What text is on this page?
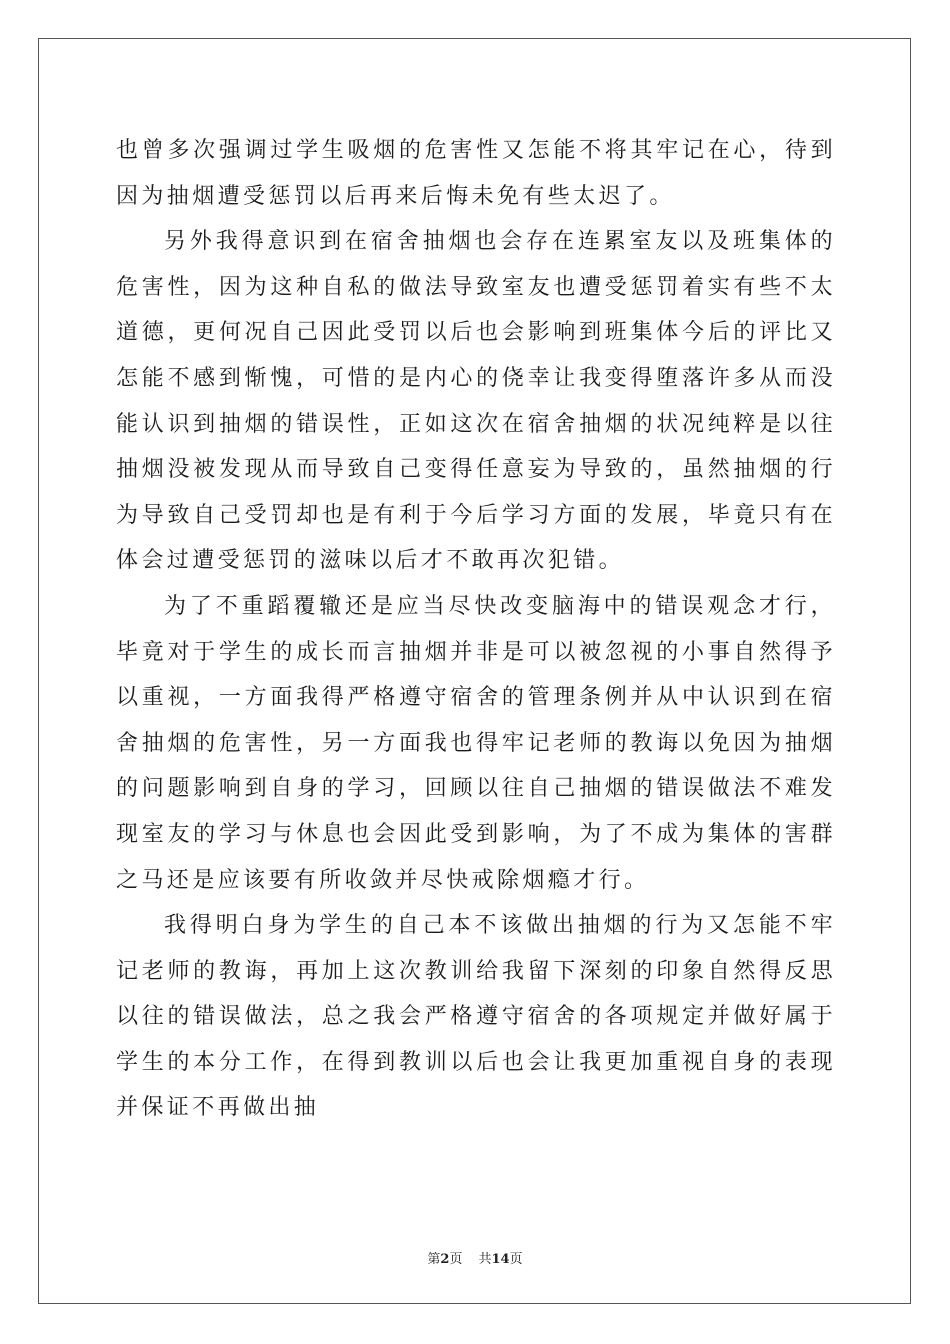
也曾多次强调过学生吸烟的危害性又怎能不将其牢记在心，待到因为抽烟遭受惩罚以后再来后悔未免有些太迟了。

另外我得意识到在宿舍抽烟也会存在连累室友以及班集体的危害性，因为这种自私的做法导致室友也遭受惩罚着实有些不太道德，更何况自己因此受罚以后也会影响到班集体今后的评比又怎能不感到惭愧，可惜的是内心的侥幸让我变得堕落许多从而没能认识到抽烟的错误性，正如这次在宿舍抽烟的状况纯粹是以往抽烟没被发现从而导致自己变得任意妄为导致的，虽然抽烟的行为导致自己受罚却也是有利于今后学习方面的发展，毕竟只有在体会过遭受惩罚的滋味以后才不敢再次犯错。

为了不重蹈覆辙还是应当尽快改变脑海中的错误观念才行，毕竟对于学生的成长而言抽烟并非是可以被忽视的小事自然得予以重视，一方面我得严格遵守宿舍的管理条例并从中认识到在宿舍抽烟的危害性，另一方面我也得牢记老师的教诲以免因为抽烟的问题影响到自身的学习，回顾以往自己抽烟的错误做法不难发现室友的学习与休息也会因此受到影响，为了不成为集体的害群之马还是应该要有所收敛并尽快戒除烟瘾才行。

我得明白身为学生的自己本不该做出抽烟的行为又怎能不牢记老师的教诲，再加上这次教训给我留下深刻的印象自然得反思以往的错误做法，总之我会严格遵守宿舍的各项规定并做好属于学生的本分工作，在得到教训以后也会让我更加重视自身的表现并保证不再做出抽

第2页 共14页
